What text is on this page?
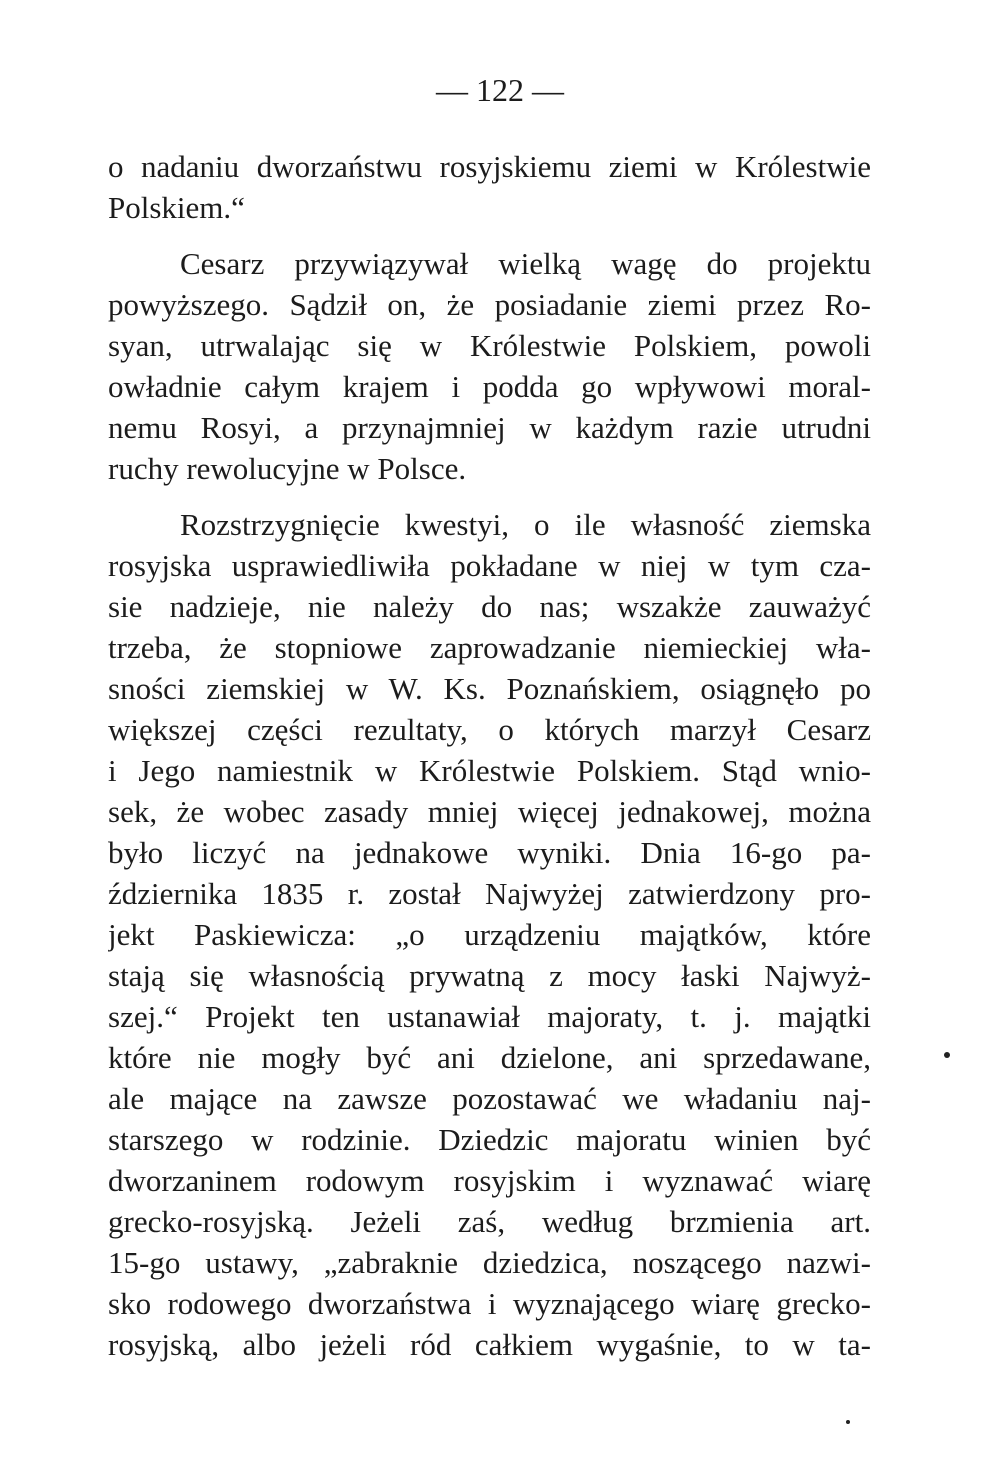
— 122 —
o nadaniu dworzaństwu rosyjskiemu ziemi w Królestwie
Polskiem.“
Cesarz przywiązywał wielką wagę do projektu
powyższego. Sądził on, że posiadanie ziemi przez Ro-
syan, utrwalając się w Królestwie Polskiem, powoli
owładnie całym krajem i podda go wpływowi moral-
nemu Rosyi, a przynajmniej w każdym razie utrudni
ruchy rewolucyjne w Polsce.
Rozstrzygnięcie kwestyi, o ile własność ziemska
rosyjska usprawiedliwiła pokładane w niej w tym cza-
sie nadzieje, nie należy do nas; wszakże zauważyć
trzeba, że stopniowe zaprowadzanie niemieckiej wła-
sności ziemskiej w W. Ks. Poznańskiem, osiągnęło po
większej części rezultaty, o których marzył Cesarz
i Jego namiestnik w Królestwie Polskiem. Stąd wnio-
sek, że wobec zasady mniej więcej jednakowej, można
było liczyć na jednakowe wyniki. Dnia 16-go pa-
ździernika 1835 r. został Najwyżej zatwierdzony pro-
jekt Paskiewicza: „o urządzeniu majątków, które
stają się własnością prywatną z mocy łaski Najwyż-
szej.“ Projekt ten ustanawiał majoraty, t. j. majątki
które nie mogły być ani dzielone, ani sprzedawane,
ale mające na zawsze pozostawać we władaniu naj-
starszego w rodzinie. Dziedzic majoratu winien być
dworzaninem rodowym rosyjskim i wyznawać wiarę
grecko-rosyjską. Jeżeli zaś, według brzmienia art.
15-go ustawy, „zabraknie dziedzica, noszącego nazwi-
sko rodowego dworzaństwa i wyznającego wiarę grecko-
rosyjską, albo jeżeli ród całkiem wygaśnie, to w ta-
